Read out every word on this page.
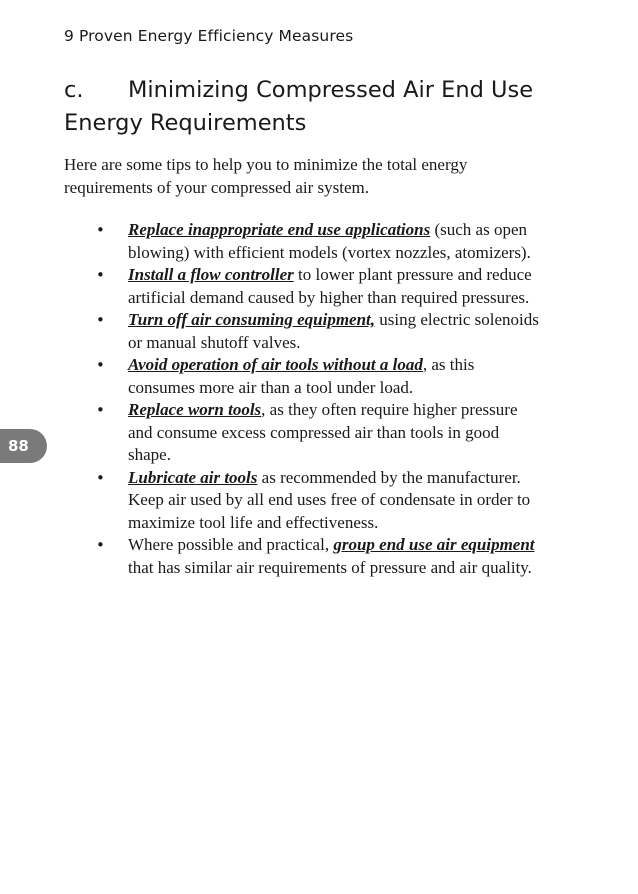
9 Proven Energy Efficiency Measures
c. Minimizing Compressed Air End Use
Energy Requirements

Here are some tips to help you to minimize the total energy requirements of your compressed air system.

• Replace inappropriate end use applications (such as open blowing) with efficient models (vortex nozzles, atomizers).
• Install a flow controller to lower plant pressure and reduce artificial demand caused by higher than required pressures.
• Turn off air consuming equipment, using electric solenoids or manual shutoff valves.
• Avoid operation of air tools without a load, as this consumes more air than a tool under load.
• Replace worn tools, as they often require higher pressure and consume excess compressed air than tools in good shape.
• Lubricate air tools as recommended by the manufacturer. Keep air used by all end uses free of condensate in order to maximize tool life and effectiveness.
• Where possible and practical, group end use air equipment that has similar air requirements of pressure and air quality.
88
